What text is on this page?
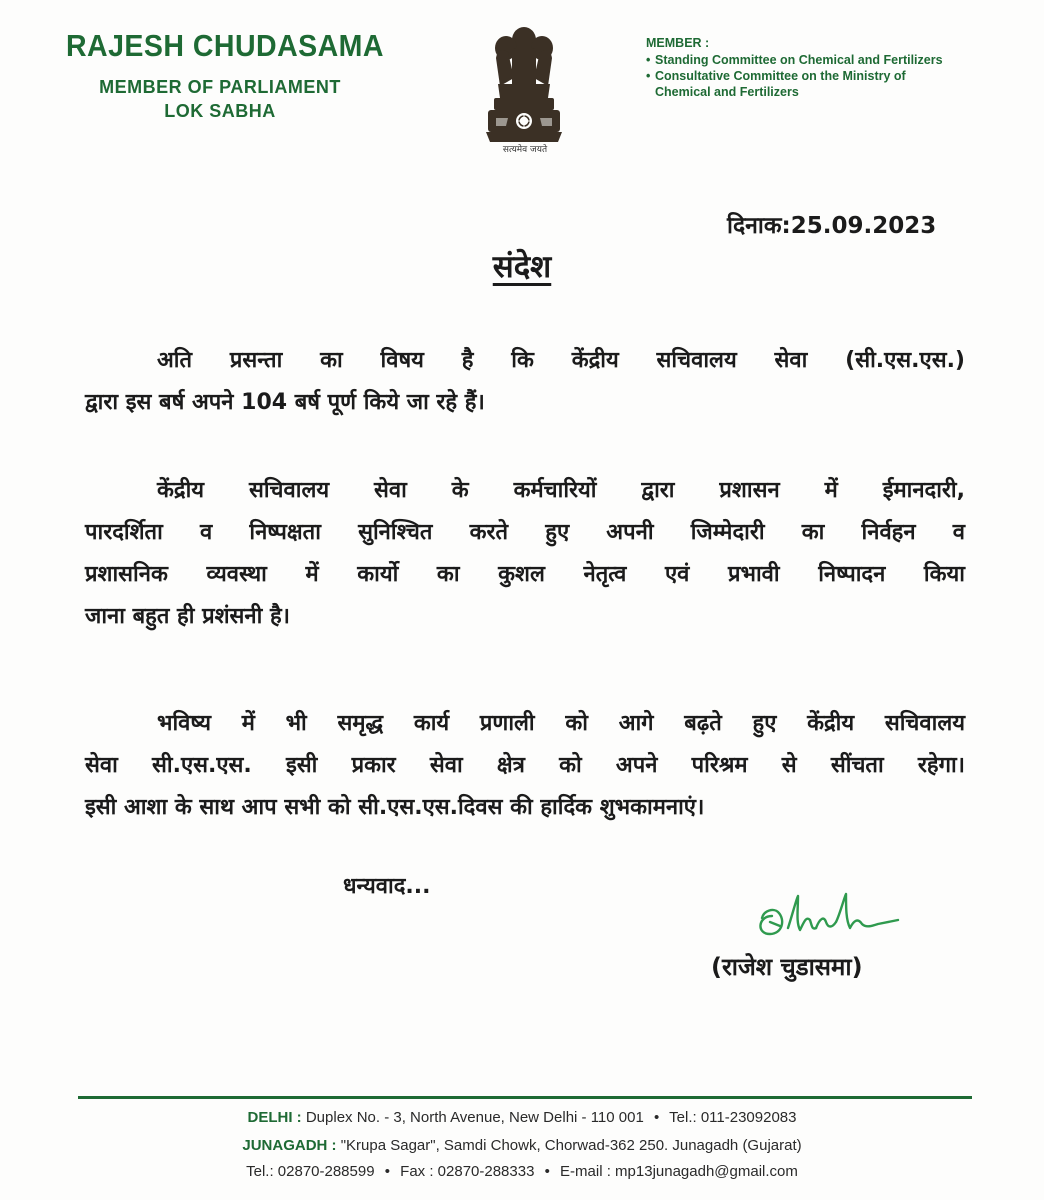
RAJESH CHUDASAMA
MEMBER OF PARLIAMENT
LOK SABHA
सत्यमेव जयते
MEMBER :
• Standing Committee on Chemical and Fertilizers
• Consultative Committee on the Ministry of
Chemical and Fertilizers
दिनाक:25.09.2023
संदेश
अति प्रसन्ता का विषय है कि केंद्रीय सचिवालय सेवा (सी.एस.एस.)
द्वारा इस बर्ष अपने 104 बर्ष पूर्ण किये जा रहे हैं।
केंद्रीय सचिवालय सेवा के कर्मचारियों द्वारा प्रशासन में ईमानदारी,
पारदर्शिता व निष्पक्षता सुनिश्चित करते हुए अपनी जिम्मेदारी का निर्वहन व
प्रशासनिक व्यवस्था में कार्यो का कुशल नेतृत्व एवं प्रभावी निष्पादन किया
जाना बहुत ही प्रशंसनी है।
भविष्य में भी समृद्ध कार्य प्रणाली को आगे बढ़ते हुए केंद्रीय सचिवालय
सेवा सी.एस.एस. इसी प्रकार सेवा क्षेत्र को अपने परिश्रम से सींचता रहेगा।
इसी आशा के साथ आप सभी को सी.एस.एस.दिवस की हार्दिक शुभकामनाएं।
धन्यवाद...
(राजेश चुडासमा)
DELHI : Duplex No. - 3, North Avenue, New Delhi - 110 001 • Tel.: 011-23092083
JUNAGADH : "Krupa Sagar", Samdi Chowk, Chorwad-362 250. Junagadh (Gujarat)
Tel.: 02870-288599 • Fax : 02870-288333 • E-mail : mp13junagadh@gmail.com
